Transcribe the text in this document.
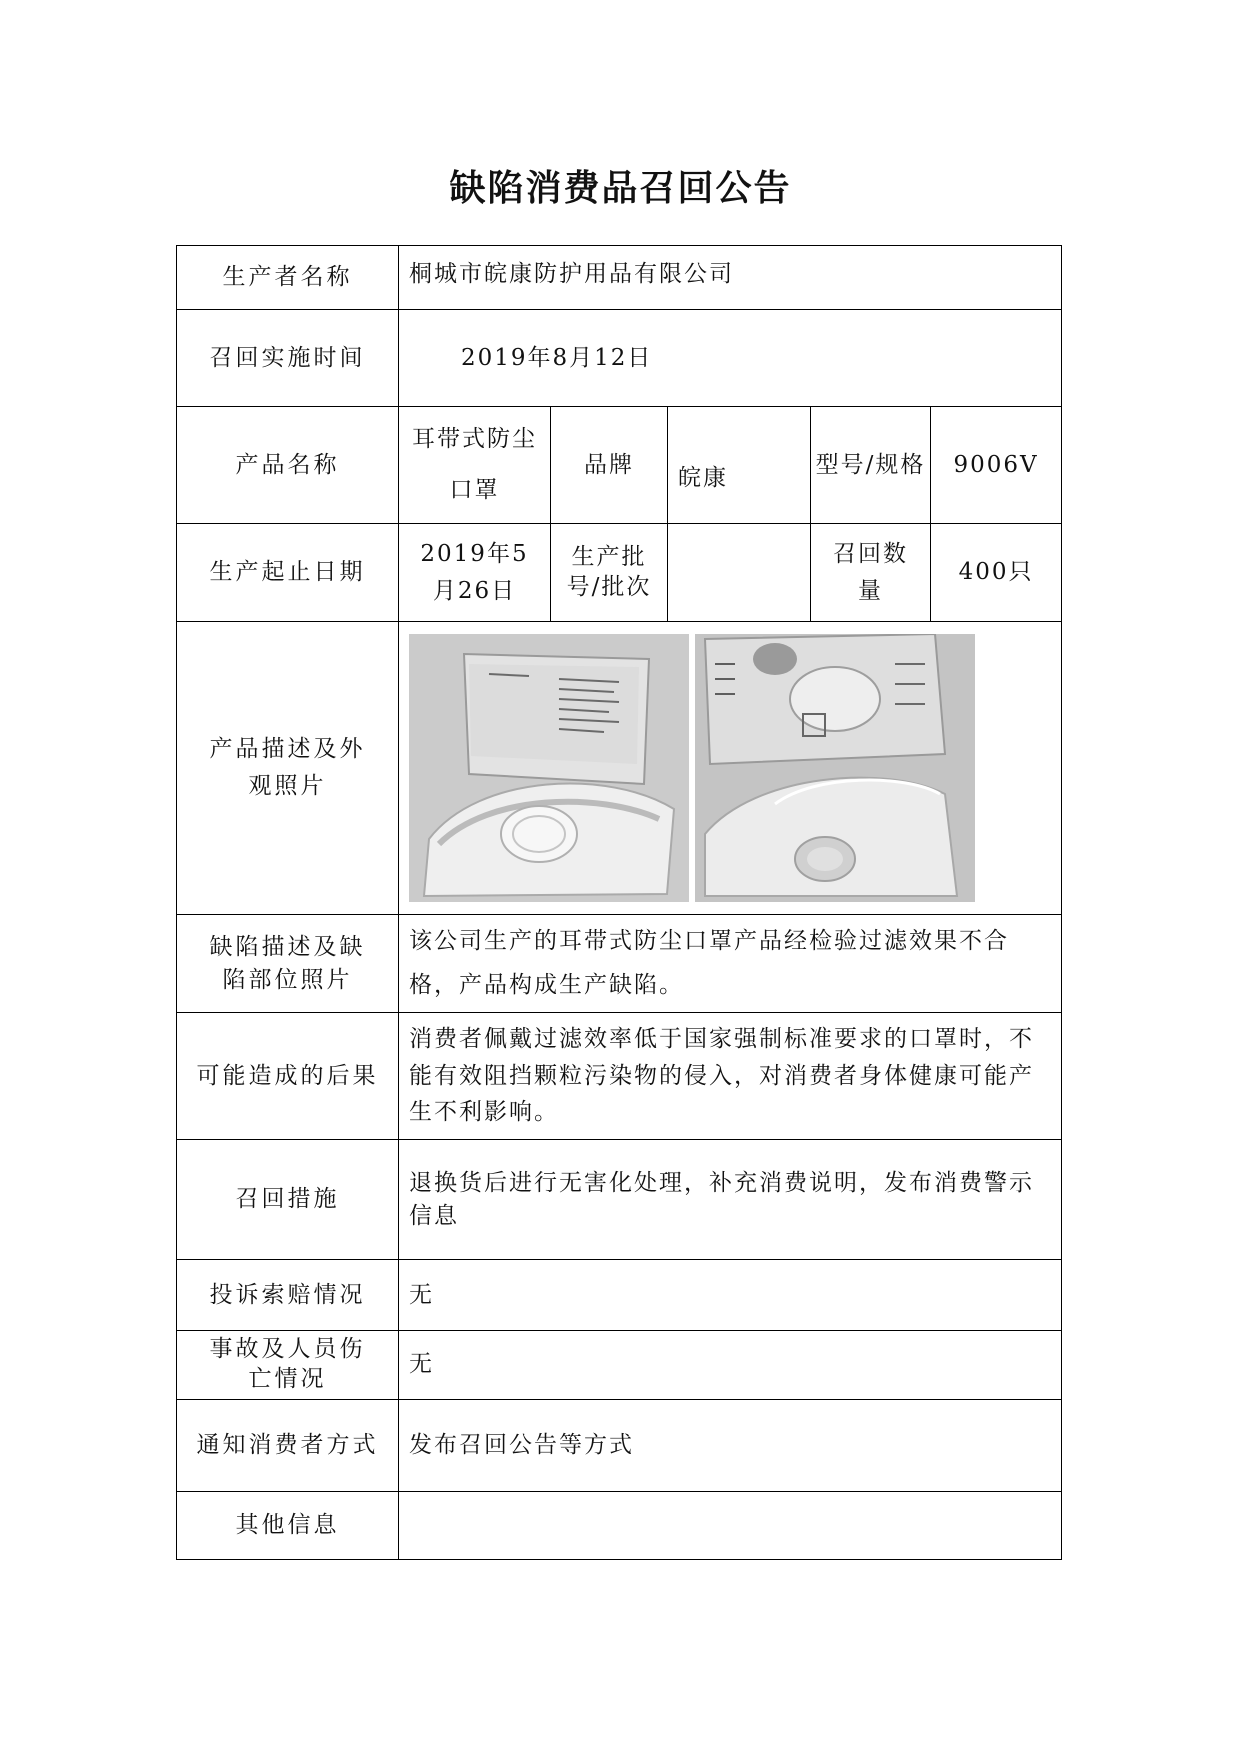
缺陷消费品召回公告
生产者名称	桐城市皖康防护用品有限公司				
召回实施时间	2019年8月12日				
产品名称	耳带式防尘口罩	品牌	皖康	型号/规格	9006V
生产起止日期	2019年5月26日	生产批号/批次		召回数量	400只
产品描述及外观照片	

缺陷描述及缺陷部位照片	该公司生产的耳带式防尘口罩产品经检验过滤效果不合格，产品构成生产缺陷。				
可能造成的后果	消费者佩戴过滤效率低于国家强制标准要求的口罩时，不能有效阻挡颗粒污染物的侵入，对消费者身体健康可能产生不利影响。				
召回措施	退换货后进行无害化处理，补充消费说明，发布消费警示信息				
投诉索赔情况	无				
事故及人员伤亡情况	无				
通知消费者方式	发布召回公告等方式				
其他信息					
